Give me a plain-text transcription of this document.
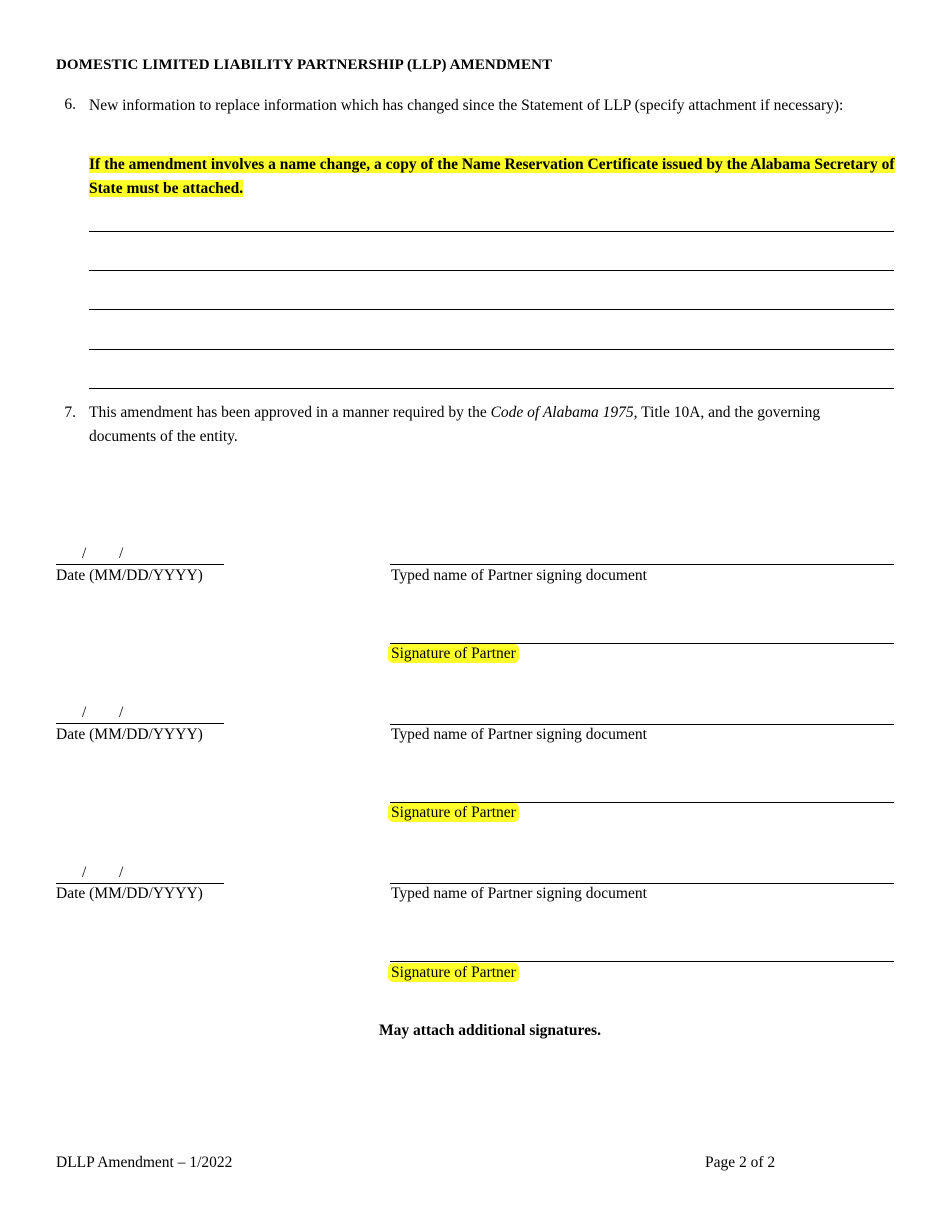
DOMESTIC LIMITED LIABILITY PARTNERSHIP (LLP) AMENDMENT
6. New information to replace information which has changed since the Statement of LLP (specify attachment if necessary):
If the amendment involves a name change, a copy of the Name Reservation Certificate issued by the Alabama Secretary of State must be attached.
7. This amendment has been approved in a manner required by the Code of Alabama 1975, Title 10A, and the governing documents of the entity.
/ /
Date (MM/DD/YYYY)	Typed name of Partner signing document
Signature of Partner
/ /
Date (MM/DD/YYYY)	Typed name of Partner signing document
Signature of Partner
/ /
Date (MM/DD/YYYY)	Typed name of Partner signing document
Signature of Partner
May attach additional signatures.
DLLP Amendment – 1/2022	Page 2 of 2
